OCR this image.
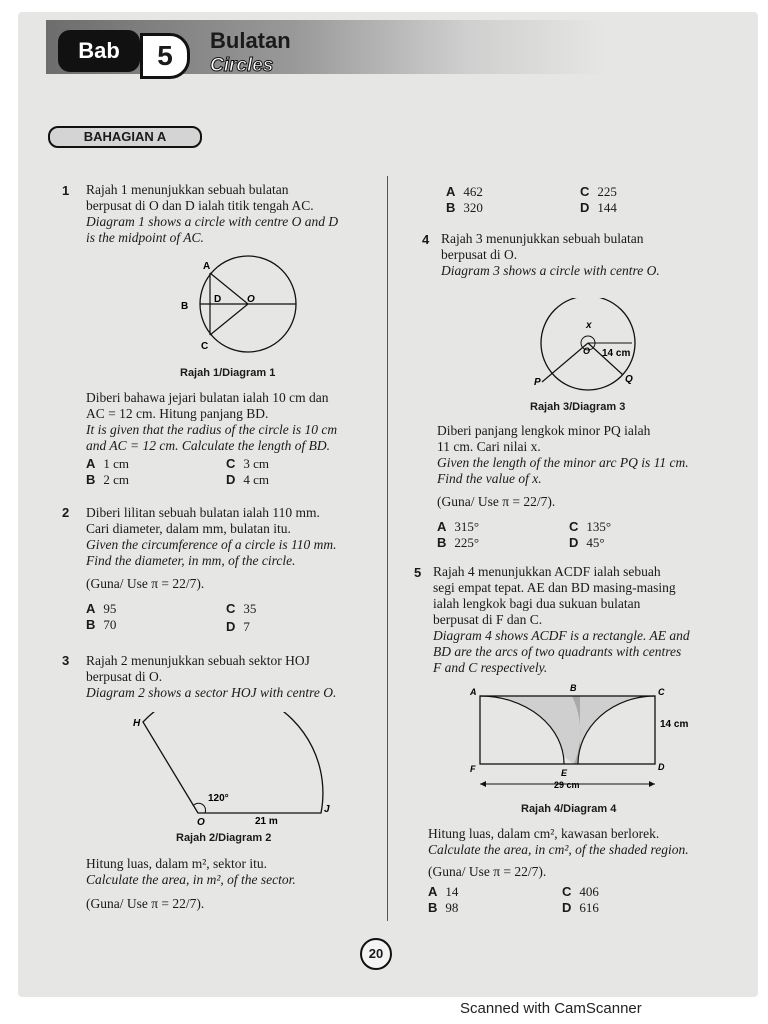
Bab	5	Bulatan
Circles
BAHAGIAN A
1 Rajah 1 menunjukkan sebuah bulatan
berpusat di O dan D ialah titik tengah AC.
Diagram 1 shows a circle with centre O and D
is the midpoint of AC.
A
B
C
D	O
Rajah 1/Diagram 1
Diberi bahawa jejari bulatan ialah 10 cm dan
AC = 12 cm. Hitung panjang BD.
It is given that the radius of the circle is 10 cm
and AC = 12 cm. Calculate the length of BD.
A 1 cm	C 3 cm
B 2 cm	D 4 cm
2 Diberi lilitan sebuah bulatan ialah 110 mm.
Cari diameter, dalam mm, bulatan itu.
Given the circumference of a circle is 110 mm.
Find the diameter, in mm, of the circle.
(Guna/ Use π = 22/7).
A 95	C 35
B 70	D 7
3 Rajah 2 menunjukkan sebuah sektor HOJ
berpusat di O.
Diagram 2 shows a sector HOJ with centre O.
H
O
J
120°
21 m
Rajah 2/Diagram 2
Hitung luas, dalam m², sektor itu.
Calculate the area, in m², of the sector.
(Guna/ Use π = 22/7).
A 462	C 225
B 320	D 144
4 Rajah 3 menunjukkan sebuah bulatan
berpusat di O.
Diagram 3 shows a circle with centre O.
x
O 14 cm
P	Q
Rajah 3/Diagram 3
Diberi panjang lengkok minor PQ ialah
11 cm. Cari nilai x.
Given the length of the minor arc PQ is 11 cm.
Find the value of x.
(Guna/ Use π = 22/7).
A 315°	C 135°
B 225°	D 45°
5 Rajah 4 menunjukkan ACDF ialah sebuah
segi empat tepat. AE dan BD masing-masing
ialah lengkok bagi dua sukuan bulatan
berpusat di F dan C.
Diagram 4 shows ACDF is a rectangle. AE and
BD are the arcs of two quadrants with centres
F and C respectively.
A	B	C
D
E
F
29 cm
14 cm
Rajah 4/Diagram 4
Hitung luas, dalam cm², kawasan berlorek.
Calculate the area, in cm², of the shaded region.
(Guna/ Use π = 22/7).
A 14	C 406
B 98	D 616
20
Scanned with CamScanner
